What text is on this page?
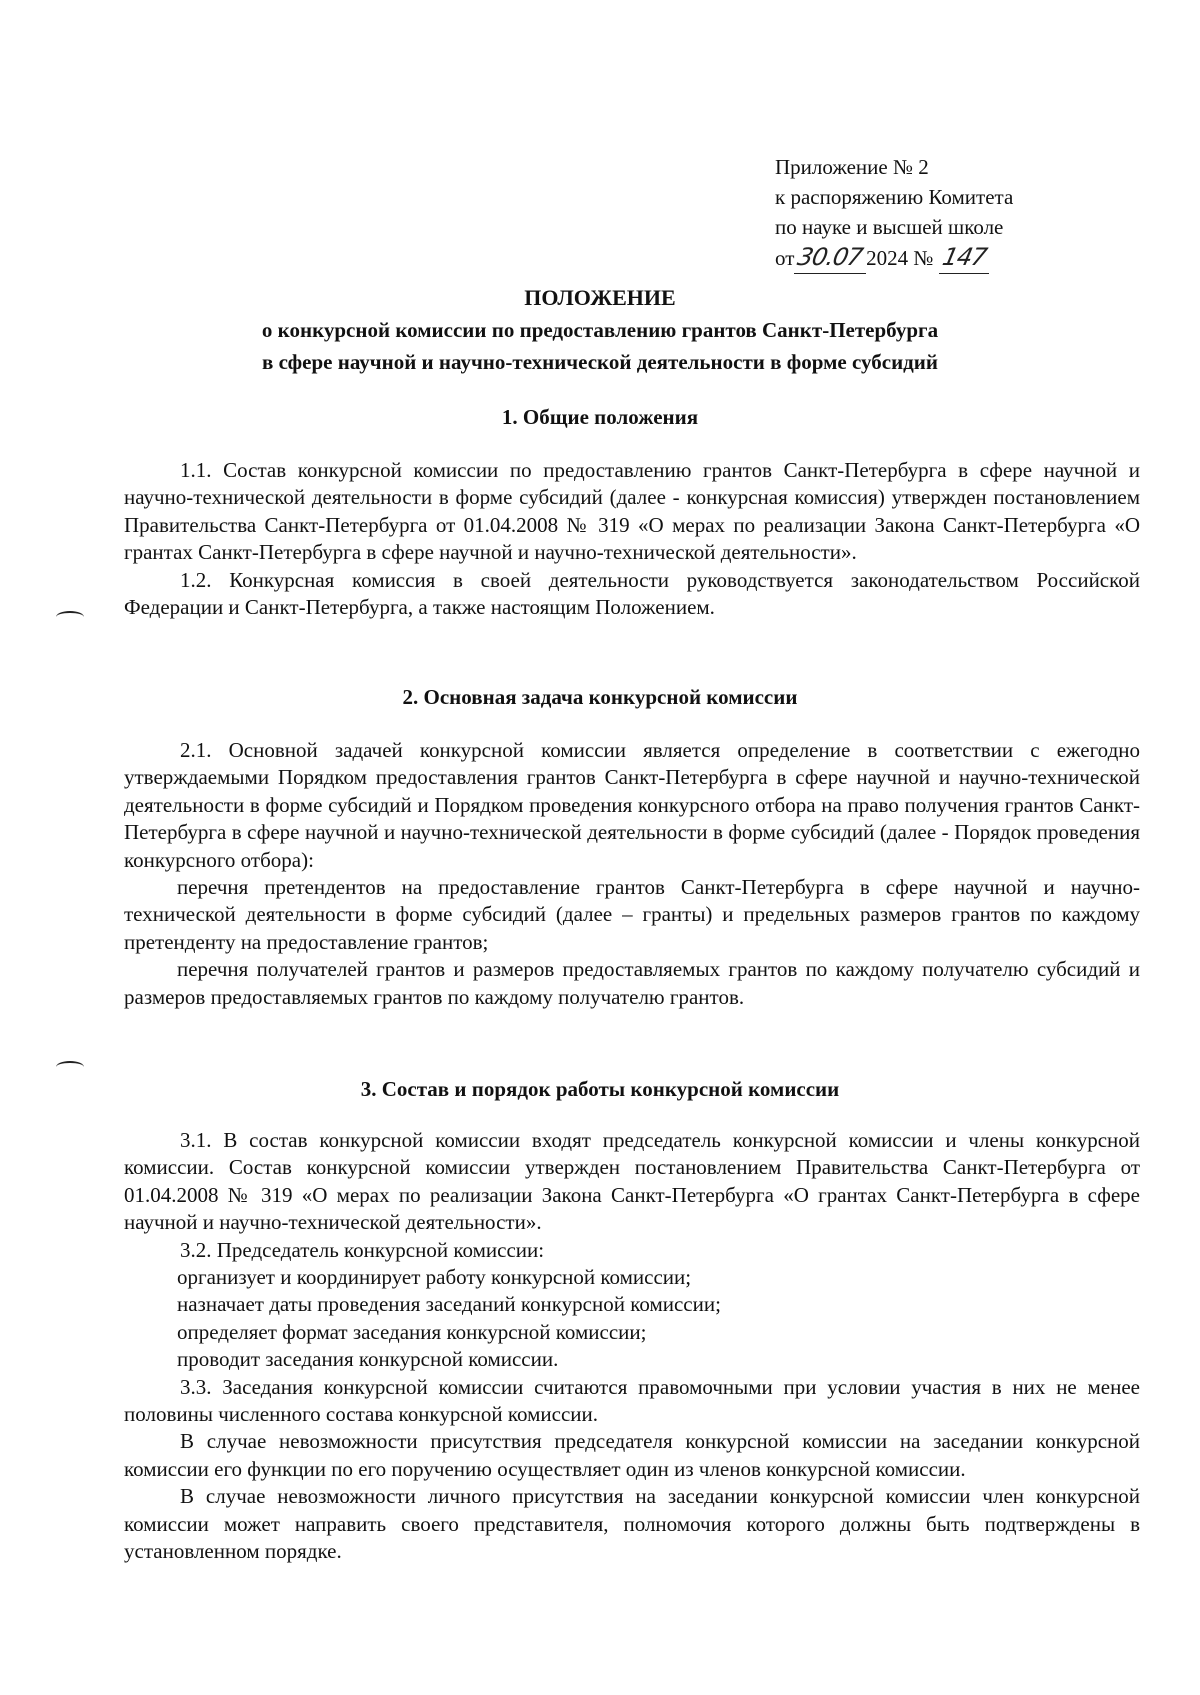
Приложение № 2
к распоряжению Комитета
по науке и высшей школе
от30.072024 № 147
ПОЛОЖЕНИЕ
о конкурсной комиссии по предоставлению грантов Санкт-Петербурга
в сфере научной и научно-технической деятельности в форме субсидий
1. Общие положения

1.1. Состав конкурсной комиссии по предоставлению грантов Санкт-Петербурга в сфере научной и научно-технической деятельности в форме субсидий (далее - конкурсная комиссия) утвержден постановлением Правительства Санкт-Петербурга от 01.04.2008 № 319 «О мерах по реализации Закона Санкт-Петербурга «О грантах Санкт-Петербурга в сфере научной и научно-технической деятельности».

1.2. Конкурсная комиссия в своей деятельности руководствуется законодательством Российской Федерации и Санкт-Петербурга, а также настоящим Положением.

2. Основная задача конкурсной комиссии

2.1. Основной задачей конкурсной комиссии является определение в соответствии с ежегодно утверждаемыми Порядком предоставления грантов Санкт-Петербурга в сфере научной и научно-технической деятельности в форме субсидий и Порядком проведения конкурсного отбора на право получения грантов Санкт-Петербурга в сфере научной и научно-технической деятельности в форме субсидий (далее - Порядок проведения конкурсного отбора):

перечня претендентов на предоставление грантов Санкт-Петербурга в сфере научной и научно-технической деятельности в форме субсидий (далее – гранты) и предельных размеров грантов по каждому претенденту на предоставление грантов;

перечня получателей грантов и размеров предоставляемых грантов по каждому получателю субсидий и размеров предоставляемых грантов по каждому получателю грантов.

3. Состав и порядок работы конкурсной комиссии

3.1. В состав конкурсной комиссии входят председатель конкурсной комиссии и члены конкурсной комиссии. Состав конкурсной комиссии утвержден постановлением Правительства Санкт-Петербурга от 01.04.2008 № 319 «О мерах по реализации Закона Санкт-Петербурга «О грантах Санкт-Петербурга в сфере научной и научно-технической деятельности».

3.2. Председатель конкурсной комиссии:

организует и координирует работу конкурсной комиссии;

назначает даты проведения заседаний конкурсной комиссии;

определяет формат заседания конкурсной комиссии;

проводит заседания конкурсной комиссии.

3.3. Заседания конкурсной комиссии считаются правомочными при условии участия в них не менее половины численного состава конкурсной комиссии.

В случае невозможности присутствия председателя конкурсной комиссии на заседании конкурсной комиссии его функции по его поручению осуществляет один из членов конкурсной комиссии.

В случае невозможности личного присутствия на заседании конкурсной комиссии член конкурсной комиссии может направить своего представителя, полномочия которого должны быть подтверждены в установленном порядке.
